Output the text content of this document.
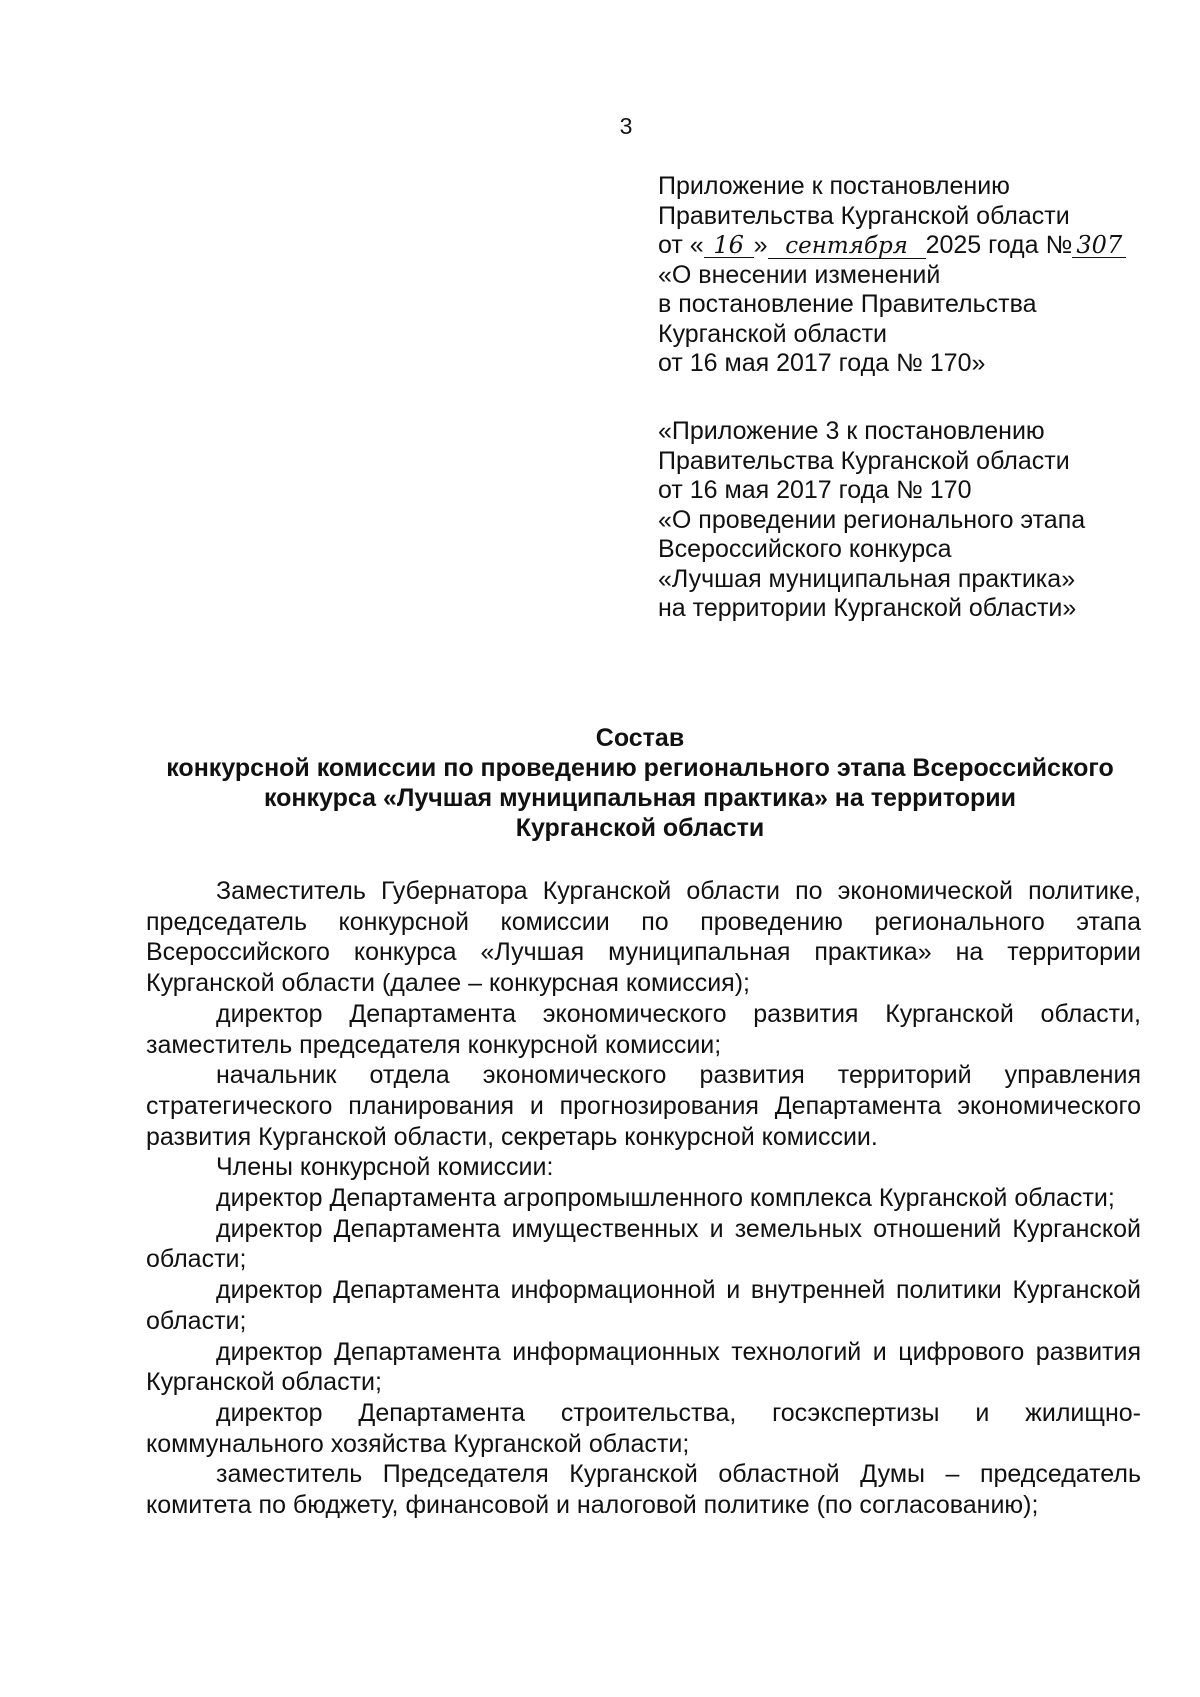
3
Приложение к постановлению
Правительства Курганской области
от « 16 » сентября 2025 года № 307
«О внесении изменений
в постановление Правительства
Курганской области
от 16 мая 2017 года № 170»
«Приложение 3 к постановлению
Правительства Курганской области
от 16 мая 2017 года № 170
«О проведении регионального этапа
Всероссийского конкурса
«Лучшая муниципальная практика»
на территории Курганской области»
Состав
конкурсной комиссии по проведению регионального этапа Всероссийского
конкурса «Лучшая муниципальная практика» на территории
Курганской области

Заместитель Губернатора Курганской области по экономической политике, председатель конкурсной комиссии по проведению регионального этапа Всероссийского конкурса «Лучшая муниципальная практика» на территории Курганской области (далее – конкурсная комиссия);

директор Департамента экономического развития Курганской области, заместитель председателя конкурсной комиссии;

начальник отдела экономического развития территорий управления стратегического планирования и прогнозирования Департамента экономического развития Курганской области, секретарь конкурсной комиссии.

Члены конкурсной комиссии:

директор Департамента агропромышленного комплекса Курганской области;

директор Департамента имущественных и земельных отношений Курганской области;

директор Департамента информационной и внутренней политики Курганской области;

директор Департамента информационных технологий и цифрового развития Курганской области;

директор Департамента строительства, госэкспертизы и жилищно-коммунального хозяйства Курганской области;

заместитель Председателя Курганской областной Думы – председатель комитета по бюджету, финансовой и налоговой политике (по согласованию);
